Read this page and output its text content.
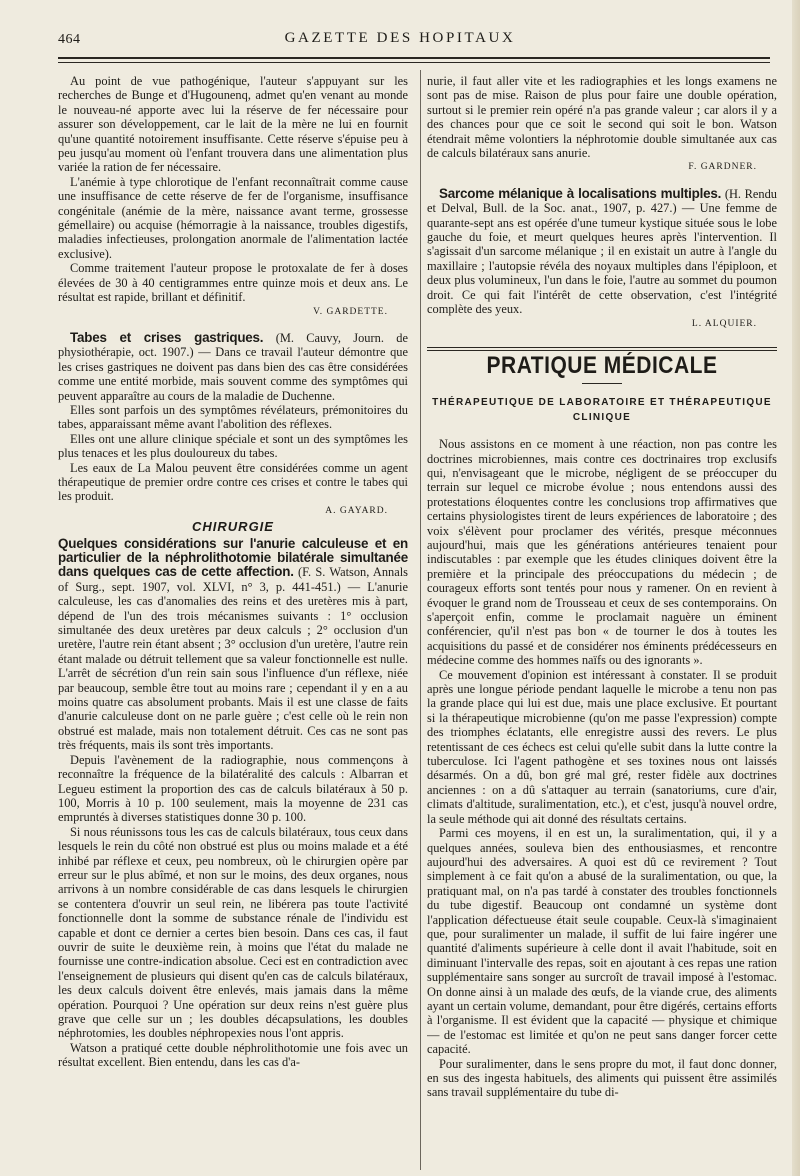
464	GAZETTE DES HOPITAUX

Au point de vue pathogénique, l'auteur s'appuyant sur les recherches de Bunge et d'Hugounenq, admet qu'en venant au monde le nouveau-né apporte avec lui la réserve de fer nécessaire pour assurer son développement, car le lait de la mère ne lui en fournit qu'une quantité notoirement insuffisante. Cette réserve s'épuise peu à peu jusqu'au moment où l'enfant trouvera dans une alimentation plus variée la ration de fer nécessaire.

L'anémie à type chlorotique de l'enfant reconnaîtrait comme cause une insuffisance de cette réserve de fer de l'organisme, insuffisance congénitale (anémie de la mère, naissance avant terme, grossesse gémellaire) ou acquise (hémorragie à la naissance, troubles digestifs, maladies infectieuses, prolongation anormale de l'alimentation lactée exclusive).

Comme traitement l'auteur propose le protoxalate de fer à doses élevées de 30 à 40 centigrammes entre quinze mois et deux ans. Le résultat est rapide, brillant et définitif.

V. GARDETTE.

Tabes et crises gastriques. (M. Cauvy, Journ. de physiothérapie, oct. 1907.) — Dans ce travail l'auteur démontre que les crises gastriques ne doivent pas dans bien des cas être considérées comme une entité morbide, mais souvent comme des symptômes qui peuvent apparaître au cours de la maladie de Duchenne.

Elles sont parfois un des symptômes révélateurs, prémonitoires du tabes, apparaissant même avant l'abolition des réflexes.

Elles ont une allure clinique spéciale et sont un des symptômes les plus tenaces et les plus douloureux du tabes.

Les eaux de La Malou peuvent être considérées comme un agent thérapeutique de premier ordre contre ces crises et contre le tabes qui les produit.

A. GAYARD.
CHIRURGIE

Quelques considérations sur l'anurie calculeuse et en particulier de la néphrolithotomie bilatérale simultanée dans quelques cas de cette affection. (F. S. Watson, Annals of Surg., sept. 1907, vol. XLVI, n° 3, p. 441-451.) — L'anurie calculeuse, les cas d'anomalies des reins et des uretères mis à part, dépend de l'un des trois mécanismes suivants : 1° occlusion simultanée des deux uretères par deux calculs ; 2° occlusion d'un uretère, l'autre rein étant absent ; 3° occlusion d'un uretère, l'autre rein étant malade ou détruit tellement que sa valeur fonctionnelle est nulle. L'arrêt de sécrétion d'un rein sain sous l'influence d'un réflexe, niée par beaucoup, semble être tout au moins rare ; cependant il y en a au moins quatre cas absolument probants. Mais il est une classe de faits d'anurie calculeuse dont on ne parle guère ; c'est celle où le rein non obstrué est malade, mais non totalement détruit. Ces cas ne sont pas très fréquents, mais ils sont très importants.

Depuis l'avènement de la radiographie, nous commençons à reconnaître la fréquence de la bilatéralité des calculs : Albarran et Legueu estiment la proportion des cas de calculs bilatéraux à 50 p. 100, Morris à 10 p. 100 seulement, mais la moyenne de 231 cas empruntés à diverses statistiques donne 30 p. 100.

Si nous réunissons tous les cas de calculs bilatéraux, tous ceux dans lesquels le rein du côté non obstrué est plus ou moins malade et a été inhibé par réflexe et ceux, peu nombreux, où le chirurgien opère par erreur sur le plus abîmé, et non sur le moins, des deux organes, nous arrivons à un nombre considérable de cas dans lesquels le chirurgien se contentera d'ouvrir un seul rein, ne libérera pas toute l'activité fonctionnelle dont la somme de substance rénale de l'individu est capable et dont ce dernier a certes bien besoin. Dans ces cas, il faut ouvrir de suite le deuxième rein, à moins que l'état du malade ne fournisse une contre-indication absolue. Ceci est en contradiction avec l'enseignement de plusieurs qui disent qu'en cas de calculs bilatéraux, les deux calculs doivent être enlevés, mais jamais dans la même opération. Pourquoi ? Une opération sur deux reins n'est guère plus grave que celle sur un ; les doubles décapsulations, les doubles néphrotomies, les doubles néphropexies nous l'ont appris.

Watson a pratiqué cette double néphrolithotomie une fois avec un résultat excellent. Bien entendu, dans les cas d'a-

nurie, il faut aller vite et les radiographies et les longs examens ne sont pas de mise. Raison de plus pour faire une double opération, surtout si le premier rein opéré n'a pas grande valeur ; car alors il y a des chances pour que ce soit le second qui soit le bon. Watson étendrait même volontiers la néphrotomie double simultanée aux cas de calculs bilatéraux sans anurie.

F. GARDNER.

Sarcome mélanique à localisations multiples. (H. Rendu et Delval, Bull. de la Soc. anat., 1907, p. 427.) — Une femme de quarante-sept ans est opérée d'une tumeur kystique située sous le lobe gauche du foie, et meurt quelques heures après l'intervention. Il s'agissait d'un sarcome mélanique ; il en existait un autre à l'angle du maxillaire ; l'autopsie révéla des noyaux multiples dans l'épiploon, et deux plus volumineux, l'un dans le foie, l'autre au sommet du poumon droit. Ce qui fait l'intérêt de cette observation, c'est l'intégrité complète des yeux.

L. ALQUIER.
PRATIQUE MÉDICALE
THÉRAPEUTIQUE DE LABORATOIRE ET THÉRAPEUTIQUE CLINIQUE

Nous assistons en ce moment à une réaction, non pas contre les doctrines microbiennes, mais contre ces doctrinaires trop exclusifs qui, n'envisageant que le microbe, négligent de se préoccuper du terrain sur lequel ce microbe évolue ; nous entendons aussi des protestations éloquentes contre les conclusions trop affirmatives que certains physiologistes tirent de leurs expériences de laboratoire ; des voix s'élèvent pour proclamer des vérités, presque méconnues aujourd'hui, mais que les générations antérieures tenaient pour indiscutables : par exemple que les études cliniques doivent être la première et la principale des préoccupations du médecin ; de courageux efforts sont tentés pour nous y ramener. On en revient à évoquer le grand nom de Trousseau et ceux de ses contemporains. On s'aperçoit enfin, comme le proclamait naguère un éminent conférencier, qu'il n'est pas bon « de tourner le dos à toutes les acquisitions du passé et de considérer nos éminents prédécesseurs en médecine comme des hommes naïfs ou des ignorants ».

Ce mouvement d'opinion est intéressant à constater. Il se produit après une longue période pendant laquelle le microbe a tenu non pas la grande place qui lui est due, mais une place exclusive. Et pourtant si la thérapeutique microbienne (qu'on me passe l'expression) compte des triomphes éclatants, elle enregistre aussi des revers. Le plus retentissant de ces échecs est celui qu'elle subit dans la lutte contre la tuberculose. Ici l'agent pathogène et ses toxines nous ont laissés désarmés. On a dû, bon gré mal gré, rester fidèle aux doctrines anciennes : on a dû s'attaquer au terrain (sanatoriums, cure d'air, climats d'altitude, suralimentation, etc.), et c'est, jusqu'à nouvel ordre, la seule méthode qui ait donné des résultats certains.

Parmi ces moyens, il en est un, la suralimentation, qui, il y a quelques années, souleva bien des enthousiasmes, et rencontre aujourd'hui des adversaires. A quoi est dû ce revirement ? Tout simplement à ce fait qu'on a abusé de la suralimentation, ou que, la pratiquant mal, on n'a pas tardé à constater des troubles fonctionnels du tube digestif. Beaucoup ont condamné un système dont l'application défectueuse était seule coupable. Ceux-là s'imaginaient que, pour suralimenter un malade, il suffit de lui faire ingérer une quantité d'aliments supérieure à celle dont il avait l'habitude, soit en diminuant l'intervalle des repas, soit en ajoutant à ces repas une ration supplémentaire sans songer au surcroît de travail imposé à l'estomac. On donne ainsi à un malade des œufs, de la viande crue, des aliments ayant un certain volume, demandant, pour être digérés, certains efforts à l'organisme. Il est évident que la capacité — physique et chimique — de l'estomac est limitée et qu'on ne peut sans danger forcer cette capacité.

Pour suralimenter, dans le sens propre du mot, il faut donc donner, en sus des ingesta habituels, des aliments qui puissent être assimilés sans travail supplémentaire du tube di-
